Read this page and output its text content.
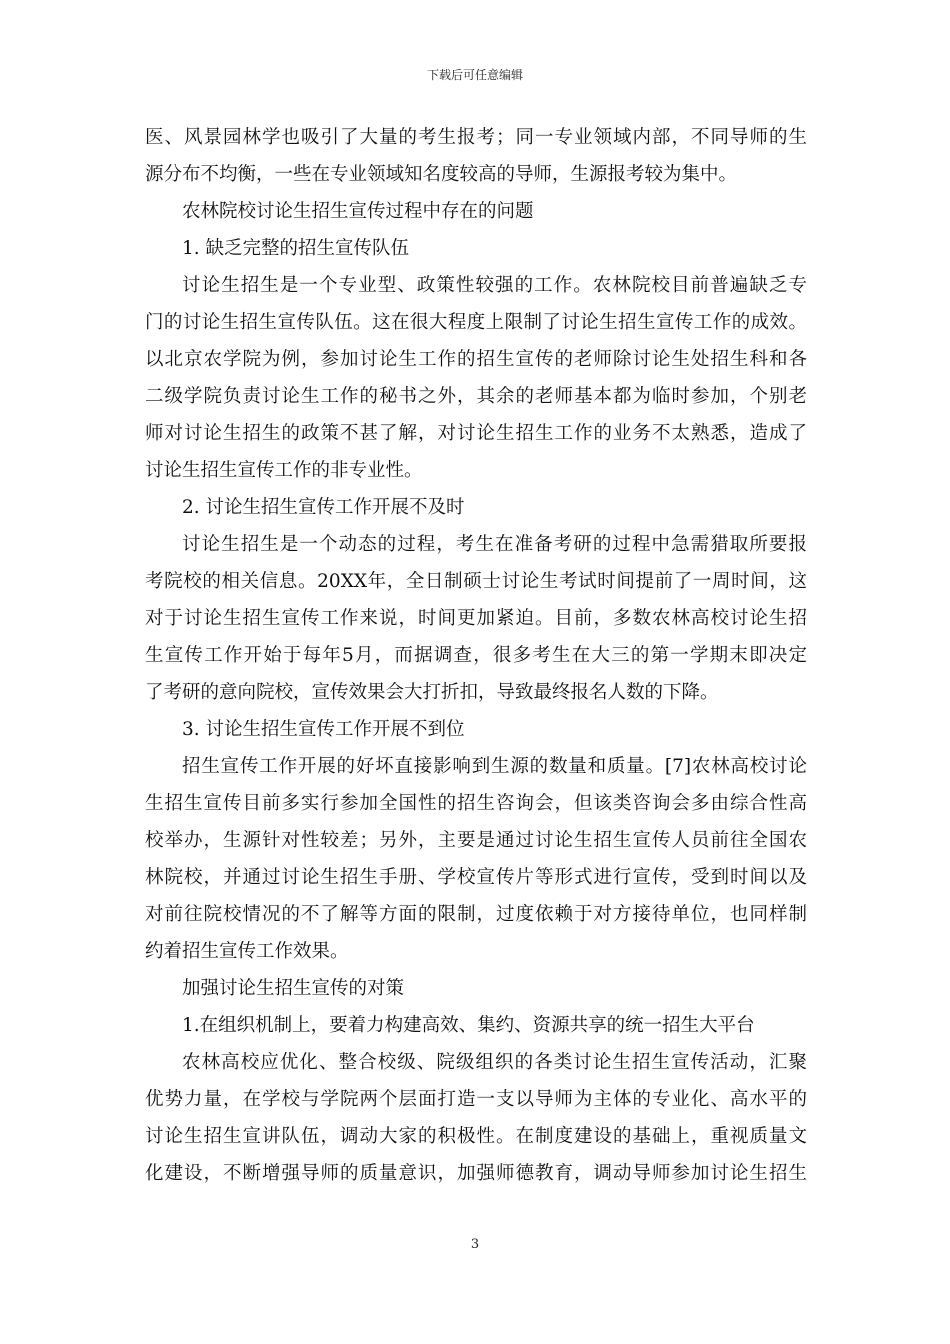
下载后可任意编辑
医、风景园林学也吸引了大量的考生报考；同一专业领域内部，不同导师的生
源分布不均衡，一些在专业领域知名度较高的导师，生源报考较为集中。
农林院校讨论生招生宣传过程中存在的问题
1. 缺乏完整的招生宣传队伍
讨论生招生是一个专业型、政策性较强的工作。农林院校目前普遍缺乏专
门的讨论生招生宣传队伍。这在很大程度上限制了讨论生招生宣传工作的成效。
以北京农学院为例，参加讨论生工作的招生宣传的老师除讨论生处招生科和各
二级学院负责讨论生工作的秘书之外，其余的老师基本都为临时参加，个别老
师对讨论生招生的政策不甚了解，对讨论生招生工作的业务不太熟悉，造成了
讨论生招生宣传工作的非专业性。
2. 讨论生招生宣传工作开展不及时
讨论生招生是一个动态的过程，考生在准备考研的过程中急需猎取所要报
考院校的相关信息。20XX年，全日制硕士讨论生考试时间提前了一周时间，这
对于讨论生招生宣传工作来说，时间更加紧迫。目前，多数农林高校讨论生招
生宣传工作开始于每年5月，而据调查，很多考生在大三的第一学期末即决定
了考研的意向院校，宣传效果会大打折扣，导致最终报名人数的下降。
3. 讨论生招生宣传工作开展不到位
招生宣传工作开展的好坏直接影响到生源的数量和质量。[7]农林高校讨论
生招生宣传目前多实行参加全国性的招生咨询会，但该类咨询会多由综合性高
校举办，生源针对性较差；另外，主要是通过讨论生招生宣传人员前往全国农
林院校，并通过讨论生招生手册、学校宣传片等形式进行宣传，受到时间以及
对前往院校情况的不了解等方面的限制，过度依赖于对方接待单位，也同样制
约着招生宣传工作效果。
加强讨论生招生宣传的对策
1.在组织机制上，要着力构建高效、集约、资源共享的统一招生大平台
农林高校应优化、整合校级、院级组织的各类讨论生招生宣传活动，汇聚
优势力量，在学校与学院两个层面打造一支以导师为主体的专业化、高水平的
讨论生招生宣讲队伍，调动大家的积极性。在制度建设的基础上，重视质量文
化建设，不断增强导师的质量意识，加强师德教育，调动导师参加讨论生招生
3
